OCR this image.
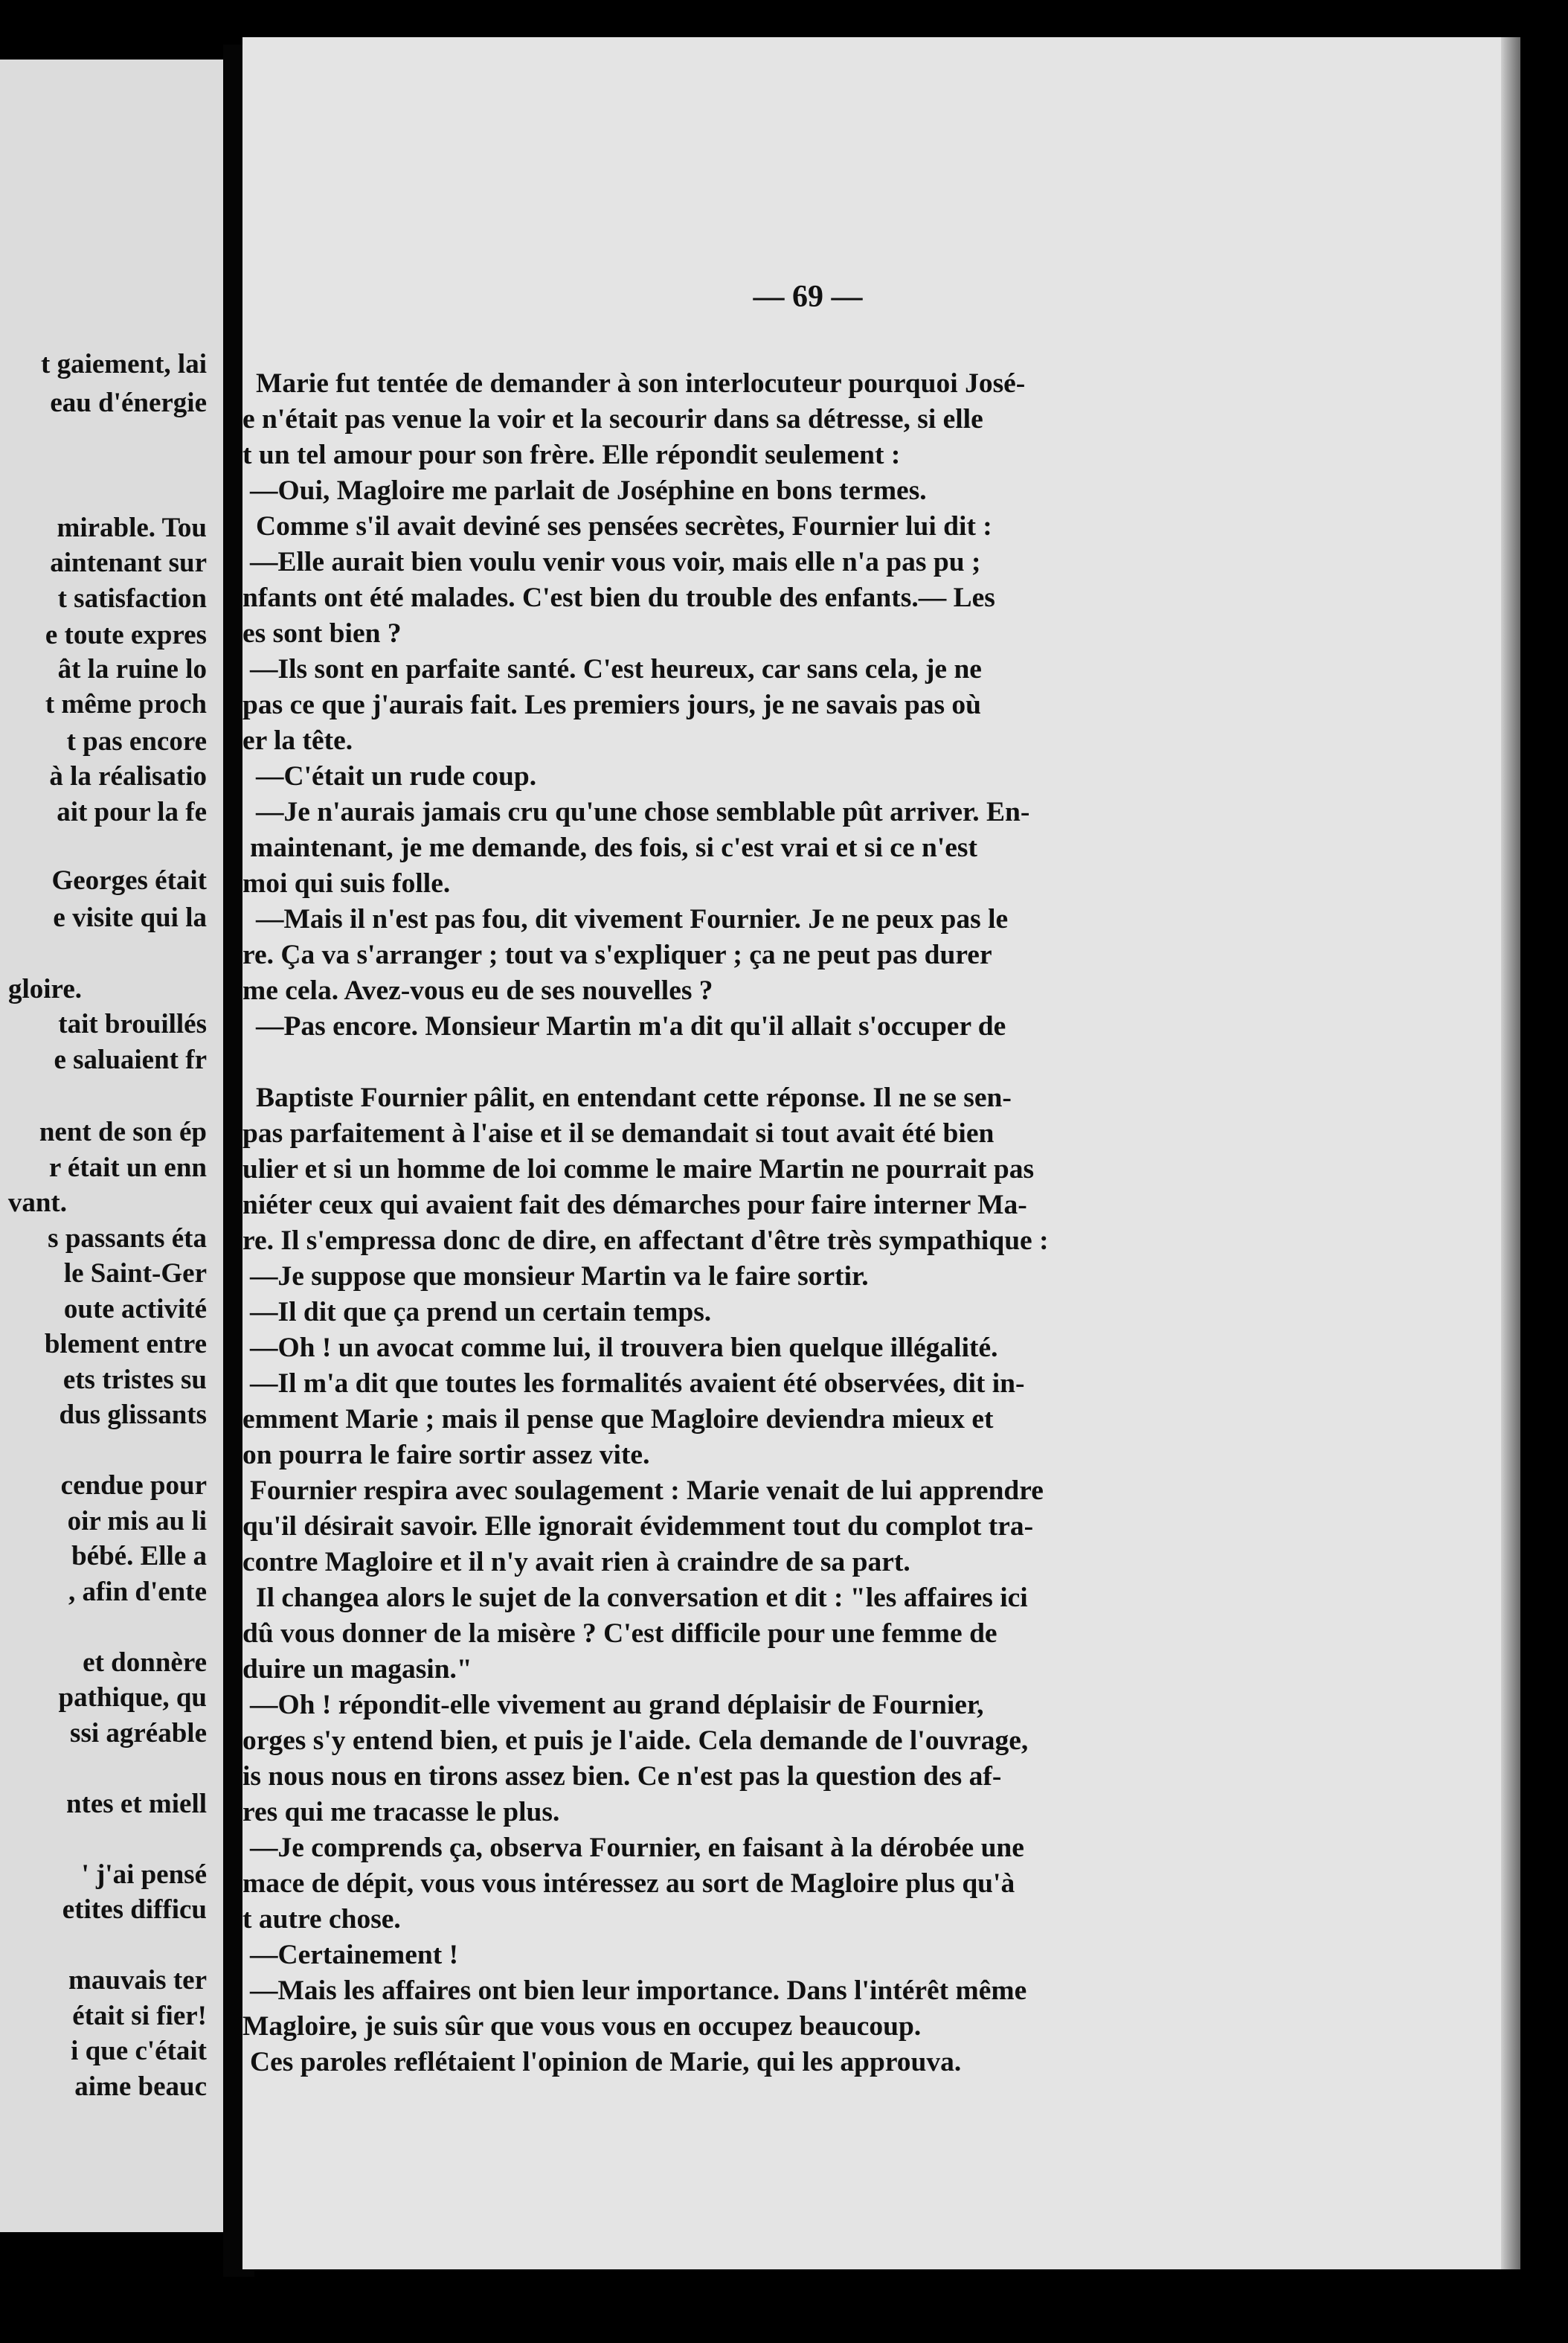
t gaiement, lai
eau d'énergie
mirable. Tou
aintenant sur
t satisfaction
e toute expres
ât la ruine lo
t même proch
t pas encore
à la réalisatio
ait pour la fe
Georges était
e visite qui la
gloire.
tait brouillés
e saluaient fr
nent de son ép
r était un enn
vant.
s passants éta
le Saint-Ger
oute activité
blement entre
ets tristes su
dus glissants
cendue pour
oir mis au li
bébé. Elle a
, afin d'ente
et donnère
pathique, qu
ssi agréable
ntes et miell
' j'ai pensé
etites difficu
mauvais ter
était si fier!
i que c'était
aime beauc
— 69 —
Marie fut tentée de demander à son interlocuteur pourquoi José-
e n'était pas venue la voir et la secourir dans sa détresse, si elle
t un tel amour pour son frère. Elle répondit seulement :
—Oui, Magloire me parlait de Joséphine en bons termes.
Comme s'il avait deviné ses pensées secrètes, Fournier lui dit :
—Elle aurait bien voulu venir vous voir, mais elle n'a pas pu ;
nfants ont été malades. C'est bien du trouble des enfants.— Les
es sont bien ?
—Ils sont en parfaite santé. C'est heureux, car sans cela, je ne
pas ce que j'aurais fait. Les premiers jours, je ne savais pas où
er la tête.
—C'était un rude coup.
—Je n'aurais jamais cru qu'une chose semblable pût arriver. En-
maintenant, je me demande, des fois, si c'est vrai et si ce n'est
moi qui suis folle.
—Mais il n'est pas fou, dit vivement Fournier. Je ne peux pas le
re. Ça va s'arranger ; tout va s'expliquer ; ça ne peut pas durer
me cela. Avez-vous eu de ses nouvelles ?
—Pas encore. Monsieur Martin m'a dit qu'il allait s'occuper de
Baptiste Fournier pâlit, en entendant cette réponse. Il ne se sen-
pas parfaitement à l'aise et il se demandait si tout avait été bien
ulier et si un homme de loi comme le maire Martin ne pourrait pas
niéter ceux qui avaient fait des démarches pour faire interner Ma-
re. Il s'empressa donc de dire, en affectant d'être très sympathique :
—Je suppose que monsieur Martin va le faire sortir.
—Il dit que ça prend un certain temps.
—Oh ! un avocat comme lui, il trouvera bien quelque illégalité.
—Il m'a dit que toutes les formalités avaient été observées, dit in-
emment Marie ; mais il pense que Magloire deviendra mieux et
on pourra le faire sortir assez vite.
Fournier respira avec soulagement : Marie venait de lui apprendre
qu'il désirait savoir. Elle ignorait évidemment tout du complot tra-
contre Magloire et il n'y avait rien à craindre de sa part.
Il changea alors le sujet de la conversation et dit : "les affaires ici
dû vous donner de la misère ? C'est difficile pour une femme de
duire un magasin."
—Oh ! répondit-elle vivement au grand déplaisir de Fournier,
orges s'y entend bien, et puis je l'aide. Cela demande de l'ouvrage,
is nous nous en tirons assez bien. Ce n'est pas la question des af-
res qui me tracasse le plus.
—Je comprends ça, observa Fournier, en faisant à la dérobée une
mace de dépit, vous vous intéressez au sort de Magloire plus qu'à
t autre chose.
—Certainement !
—Mais les affaires ont bien leur importance. Dans l'intérêt même
Magloire, je suis sûr que vous vous en occupez beaucoup.
Ces paroles reflétaient l'opinion de Marie, qui les approuva.
